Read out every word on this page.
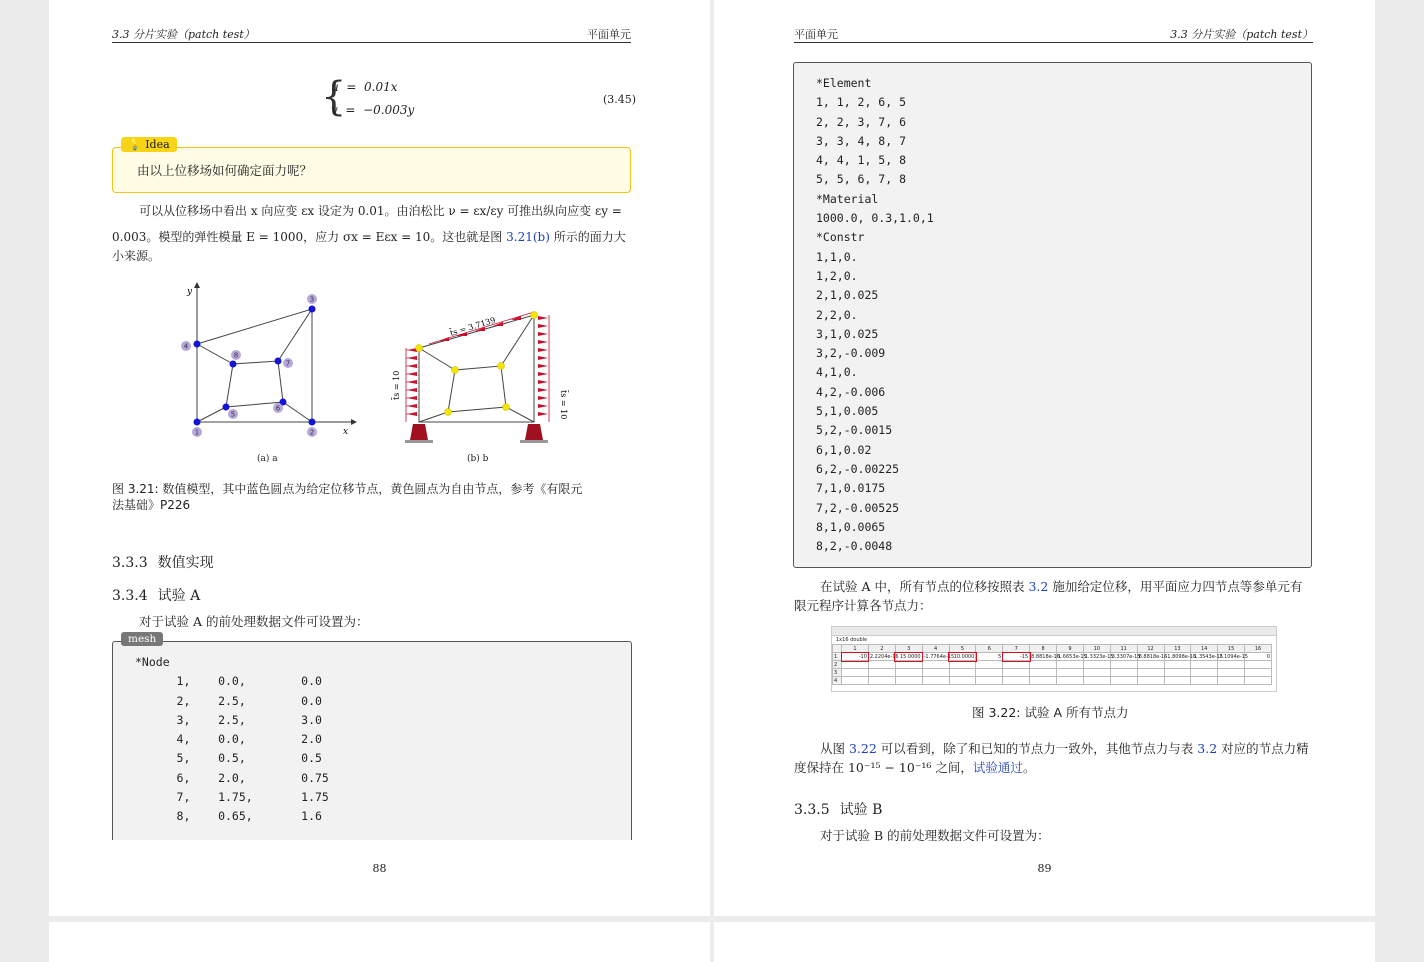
3.3 分片实验（patch test）	平面单元
{
u  =  0.01x
v  =  −0.003y
(3.45)
💡 Idea
由以上位移场如何确定面力呢？
可以从位移场中看出 x 向应变 εx 设定为 0.01。由泊松比 ν = εx/εy 可推出纵向应变 εy =
0.003。模型的弹性模量 E = 1000，应力 σx = Eεx = 10。这也就是图 3.21(b) 所示的面力大
小来源。
1	2
3
4
5
6
7
8
y
x
t̄s = 3.7139
t̄s = 10
t̄s = 10
(a) a	(b) b
图 3.21: 数值模型，其中蓝色圆点为给定位移节点，黄色圆点为自由节点，参考《有限元
法基础》P226
3.3.3 数值实现
3.3.4 试验 A
对于试验 A 的前处理数据文件可设置为：
*Node
1,    0.0,        0.0
2,    2.5,        0.0
3,    2.5,        3.0
4,    0.0,        2.0
5,    0.5,        0.5
6,    2.0,        0.75
7,    1.75,       1.75
8,    0.65,       1.6
mesh
88
平面单元	3.3 分片实验（patch test）
*Element
1, 1, 2, 6, 5
2, 2, 3, 7, 6
3, 3, 4, 8, 7
4, 4, 1, 5, 8
5, 5, 6, 7, 8
*Material
1000.0, 0.3,1.0,1
*Constr
1,1,0.
1,2,0.
2,1,0.025
2,2,0.
3,1,0.025
3,2,-0.009
4,1,0.
4,2,-0.006
5,1,0.005
5,2,-0.0015
6,1,0.02
6,2,-0.00225
7,1,0.0175
7,2,-0.00525
8,1,0.0065
8,2,-0.0048
在试验 A 中，所有节点的位移按照表 3.2 施加给定位移，用平面应力四节点等参单元有
限元程序计算各节点力：
1x16 double
	1	2	3	4	5	6	7	8	9	10	11	12	13	14	15	16
1	-10	2.2204e-16	15.0000	-1.7764e-15	10.0000	5	-15	8.8818e-16	1.6653e-15	1.3323e-15	3.3307e-15	8.8818e-16	-1.8098e-15	-1.3543e-15	2.1094e-15	0
2																
3																
4																
图 3.22: 试验 A 所有节点力
从图 3.22 可以看到，除了和已知的节点力一致外，其他节点力与表 3.2 对应的节点力精
度保持在 10⁻¹⁵ − 10⁻¹⁶ 之间，试验通过。
3.3.5 试验 B
对于试验 B 的前处理数据文件可设置为：
89
